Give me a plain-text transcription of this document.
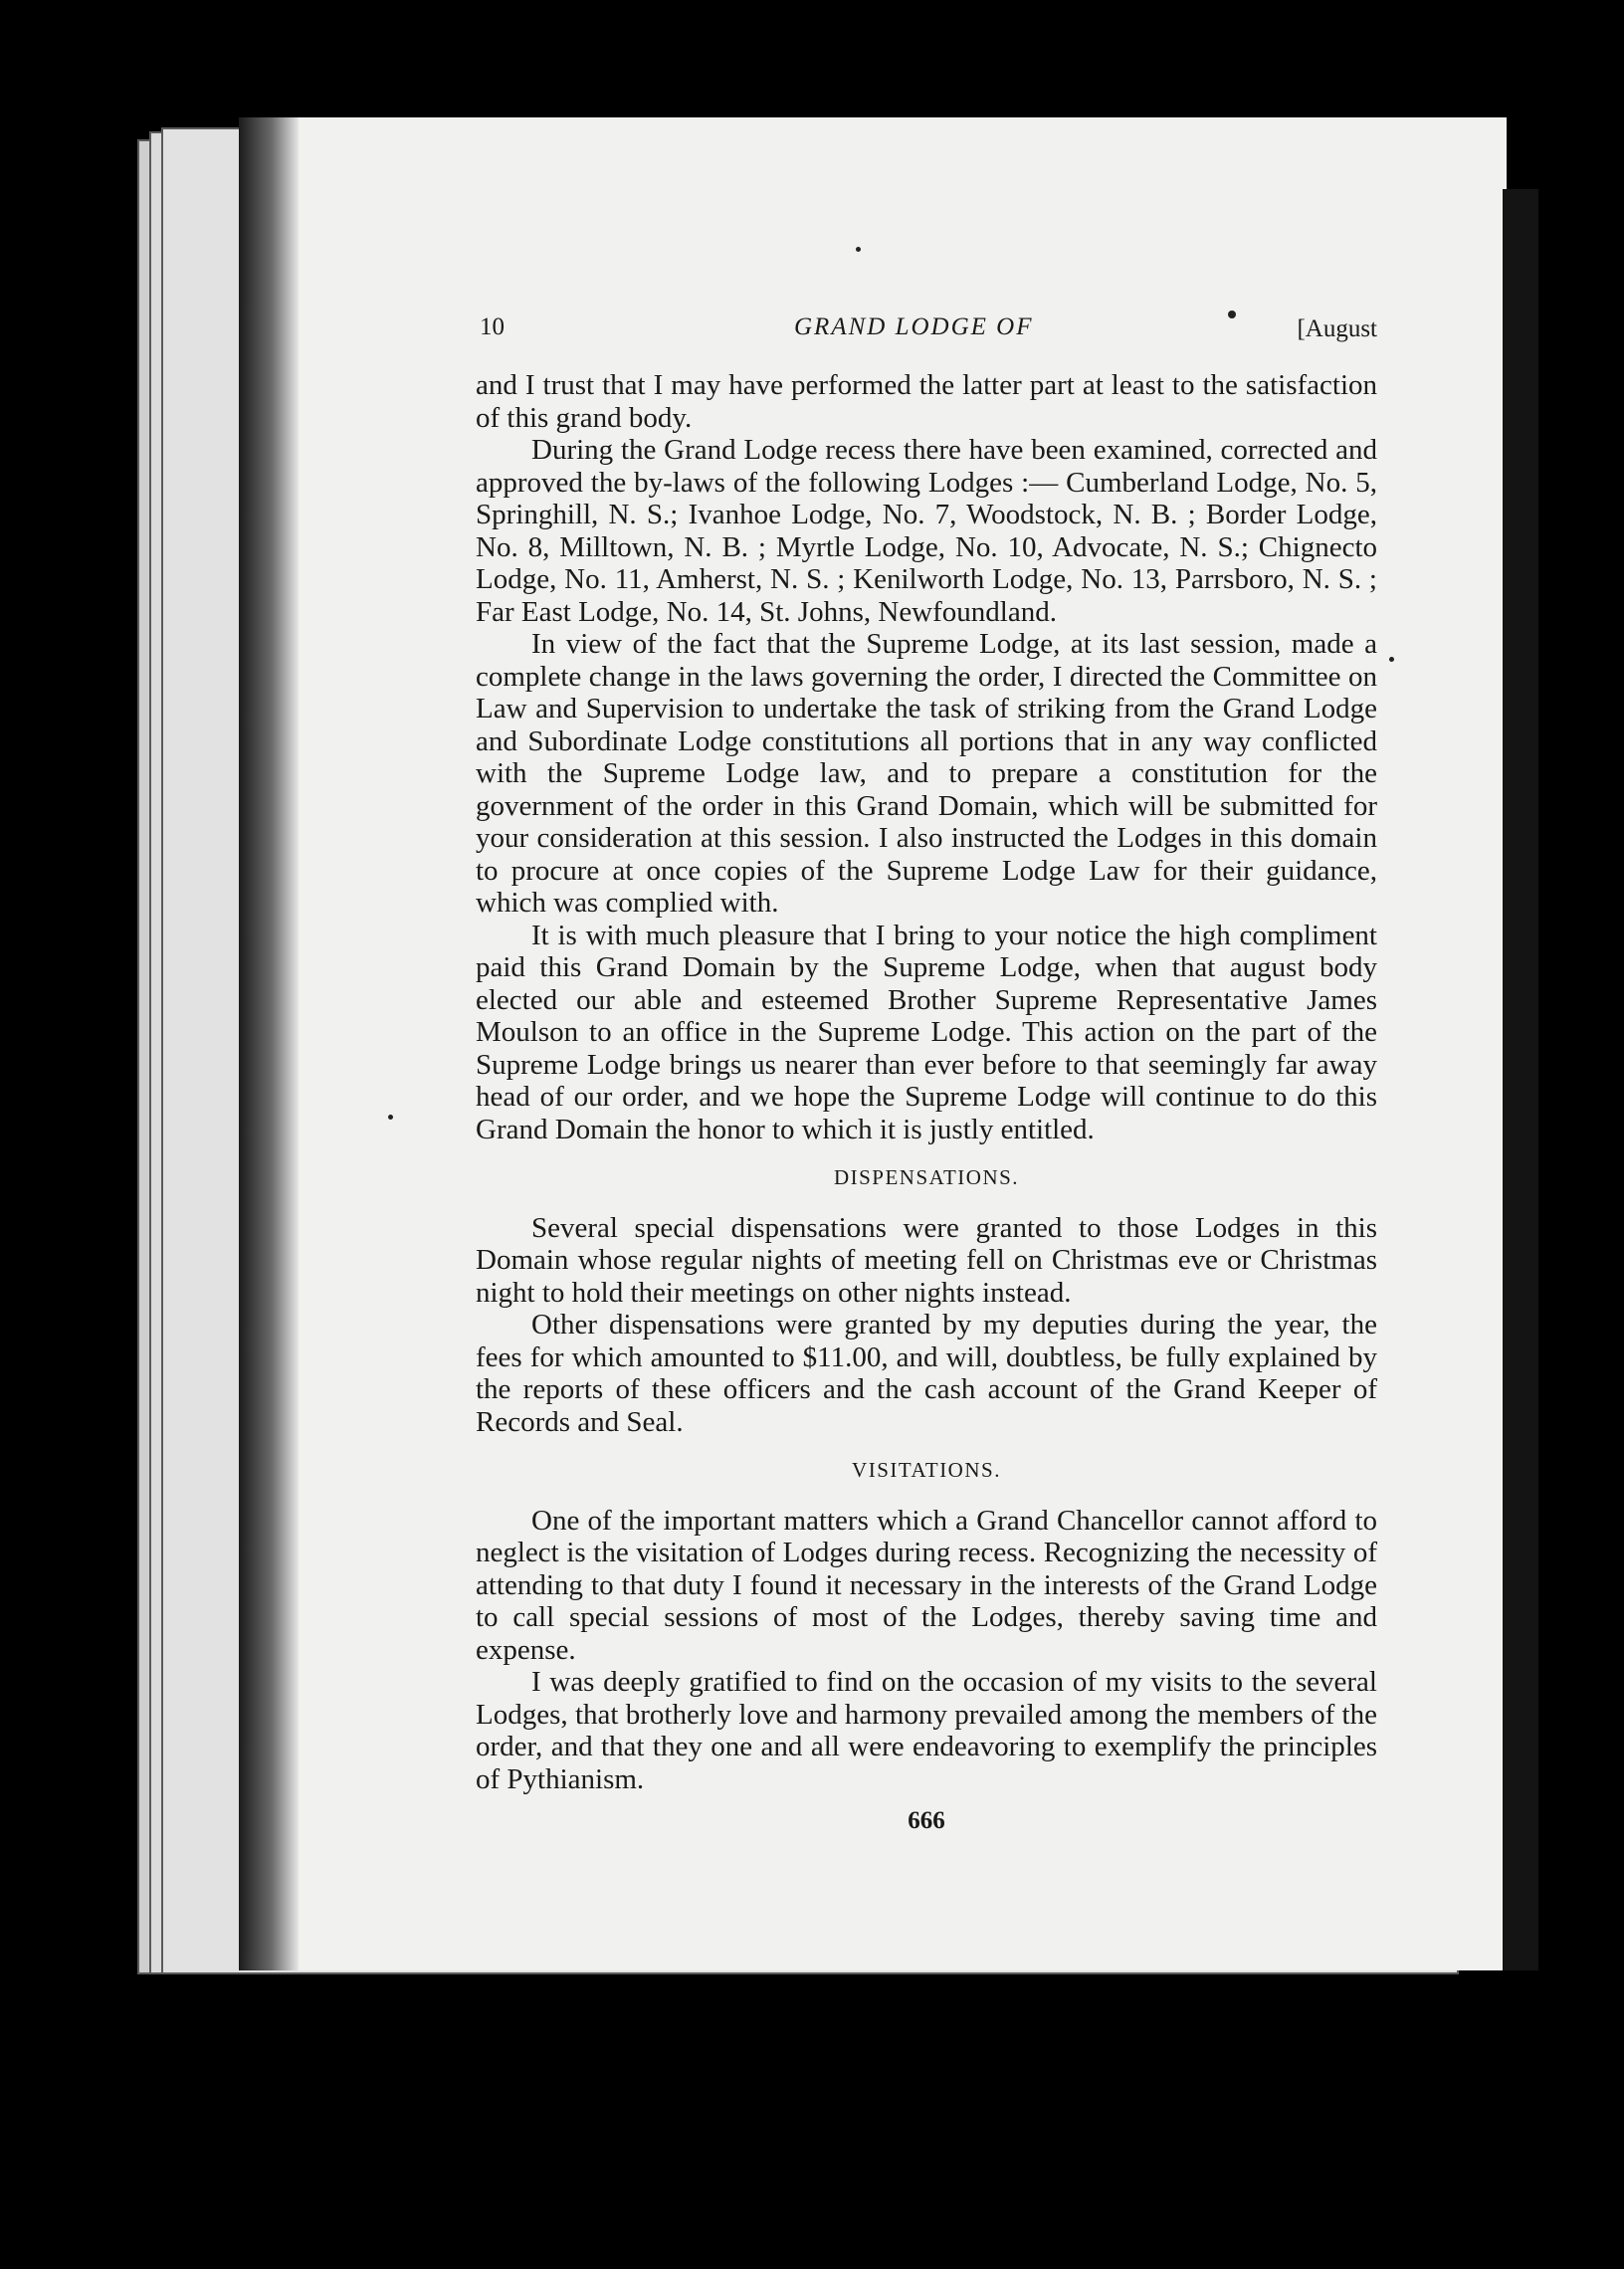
10	GRAND LODGE OF	[August

and I trust that I may have performed the latter part at least to the satisfaction of this grand body.

During the Grand Lodge recess there have been examined, corrected and approved the by-laws of the following Lodges :— Cumberland Lodge, No. 5, Springhill, N. S.; Ivanhoe Lodge, No. 7, Woodstock, N. B. ; Border Lodge, No. 8, Milltown, N. B. ; Myrtle Lodge, No. 10, Advocate, N. S.; Chignecto Lodge, No. 11, Amherst, N. S. ; Kenilworth Lodge, No. 13, Parrsboro, N. S. ; Far East Lodge, No. 14, St. Johns, Newfoundland.

In view of the fact that the Supreme Lodge, at its last session, made a complete change in the laws governing the order, I directed the Committee on Law and Supervision to undertake the task of striking from the Grand Lodge and Subordinate Lodge constitutions all portions that in any way conflicted with the Supreme Lodge law, and to prepare a constitution for the government of the order in this Grand Domain, which will be submitted for your consideration at this session. I also instructed the Lodges in this domain to procure at once copies of the Supreme Lodge Law for their guidance, which was complied with.

It is with much pleasure that I bring to your notice the high compliment paid this Grand Domain by the Supreme Lodge, when that august body elected our able and esteemed Brother Supreme Representative James Moulson to an office in the Supreme Lodge. This action on the part of the Supreme Lodge brings us nearer than ever before to that seemingly far away head of our order, and we hope the Supreme Lodge will continue to do this Grand Domain the honor to which it is justly entitled.

DISPENSATIONS.

Several special dispensations were granted to those Lodges in this Domain whose regular nights of meeting fell on Christmas eve or Christmas night to hold their meetings on other nights instead.

Other dispensations were granted by my deputies during the year, the fees for which amounted to $11.00, and will, doubtless, be fully explained by the reports of these officers and the cash account of the Grand Keeper of Records and Seal.

VISITATIONS.

One of the important matters which a Grand Chancellor cannot afford to neglect is the visitation of Lodges during recess. Recognizing the necessity of attending to that duty I found it necessary in the interests of the Grand Lodge to call special sessions of most of the Lodges, thereby saving time and expense.

I was deeply gratified to find on the occasion of my visits to the several Lodges, that brotherly love and harmony prevailed among the members of the order, and that they one and all were endeavoring to exemplify the principles of Pythianism.

666
